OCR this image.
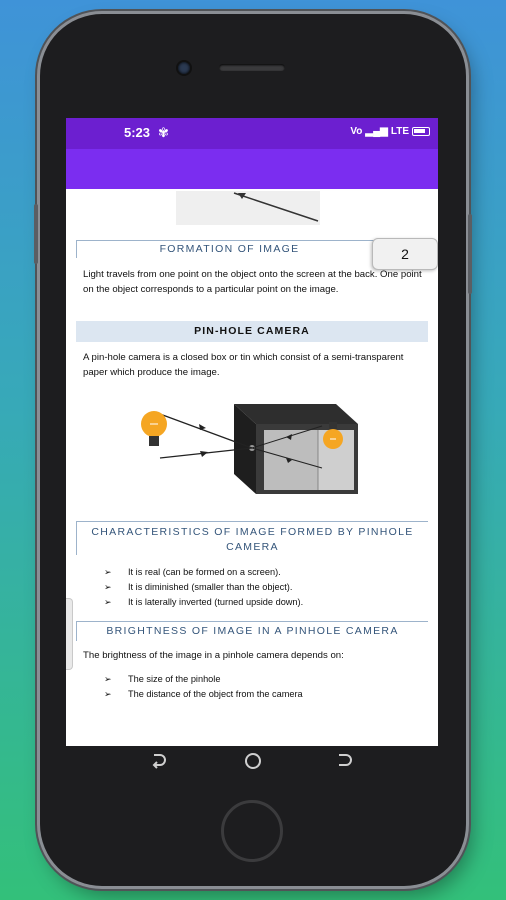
5:23 ✾	Vo ▂▄▆ LTE
FORMATION OF IMAGE	2
Light travels from one point on the object onto the screen at the back. One point on the object corresponds to a particular point on the image.
PIN-HOLE CAMERA
A pin-hole camera is a closed box or tin which consist of a semi-transparent paper which produce the image.
CHARACTERISTICS OF IMAGE FORMED BY PINHOLE CAMERA
➢ It is real (can be formed on a screen).
➢ It is diminished (smaller than the object).
➢ It is laterally inverted (turned upside down).
BRIGHTNESS OF IMAGE IN A PINHOLE CAMERA
The brightness of the image in a pinhole camera depends on:
➢ The size of the pinhole
➢ The distance of the object from the camera
